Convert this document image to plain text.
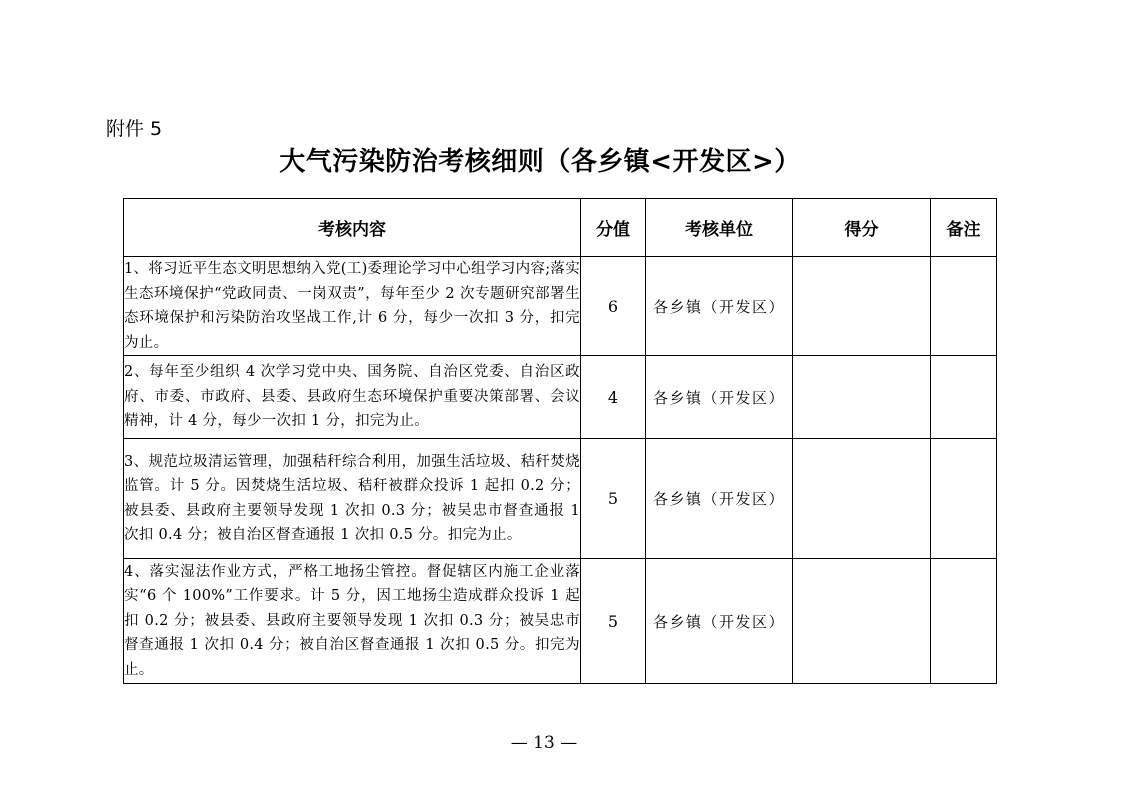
附件 5
大气污染防治考核细则（各乡镇<开发区>）
考核内容	分值	考核单位	得分	备注
1、将习近平生态文明思想纳入党(工)委理论学习中心组学习内容;落实生态环境保护“党政同责、一岗双责”，每年至少 2 次专题研究部署生态环境保护和污染防治攻坚战工作,计 6 分，每少一次扣 3 分，扣完为止。	6	各乡镇（开发区）		
2、每年至少组织 4 次学习党中央、国务院、自治区党委、自治区政府、市委、市政府、县委、县政府生态环境保护重要决策部署、会议精神，计 4 分，每少一次扣 1 分，扣完为止。	4	各乡镇（开发区）		
3、规范垃圾清运管理，加强秸秆综合利用，加强生活垃圾、秸秆焚烧监管。计 5 分。因焚烧生活垃圾、秸秆被群众投诉 1 起扣 0.2 分；被县委、县政府主要领导发现 1 次扣 0.3 分；被吴忠市督查通报 1 次扣 0.4 分；被自治区督查通报 1 次扣 0.5 分。扣完为止。	5	各乡镇（开发区）		
4、落实湿法作业方式，严格工地扬尘管控。督促辖区内施工企业落实“6 个 100%”工作要求。计 5 分，因工地扬尘造成群众投诉 1 起扣 0.2 分；被县委、县政府主要领导发现 1 次扣 0.3 分；被吴忠市督查通报 1 次扣 0.4 分；被自治区督查通报 1 次扣 0.5 分。扣完为止。	5	各乡镇（开发区）		
— 13 —
